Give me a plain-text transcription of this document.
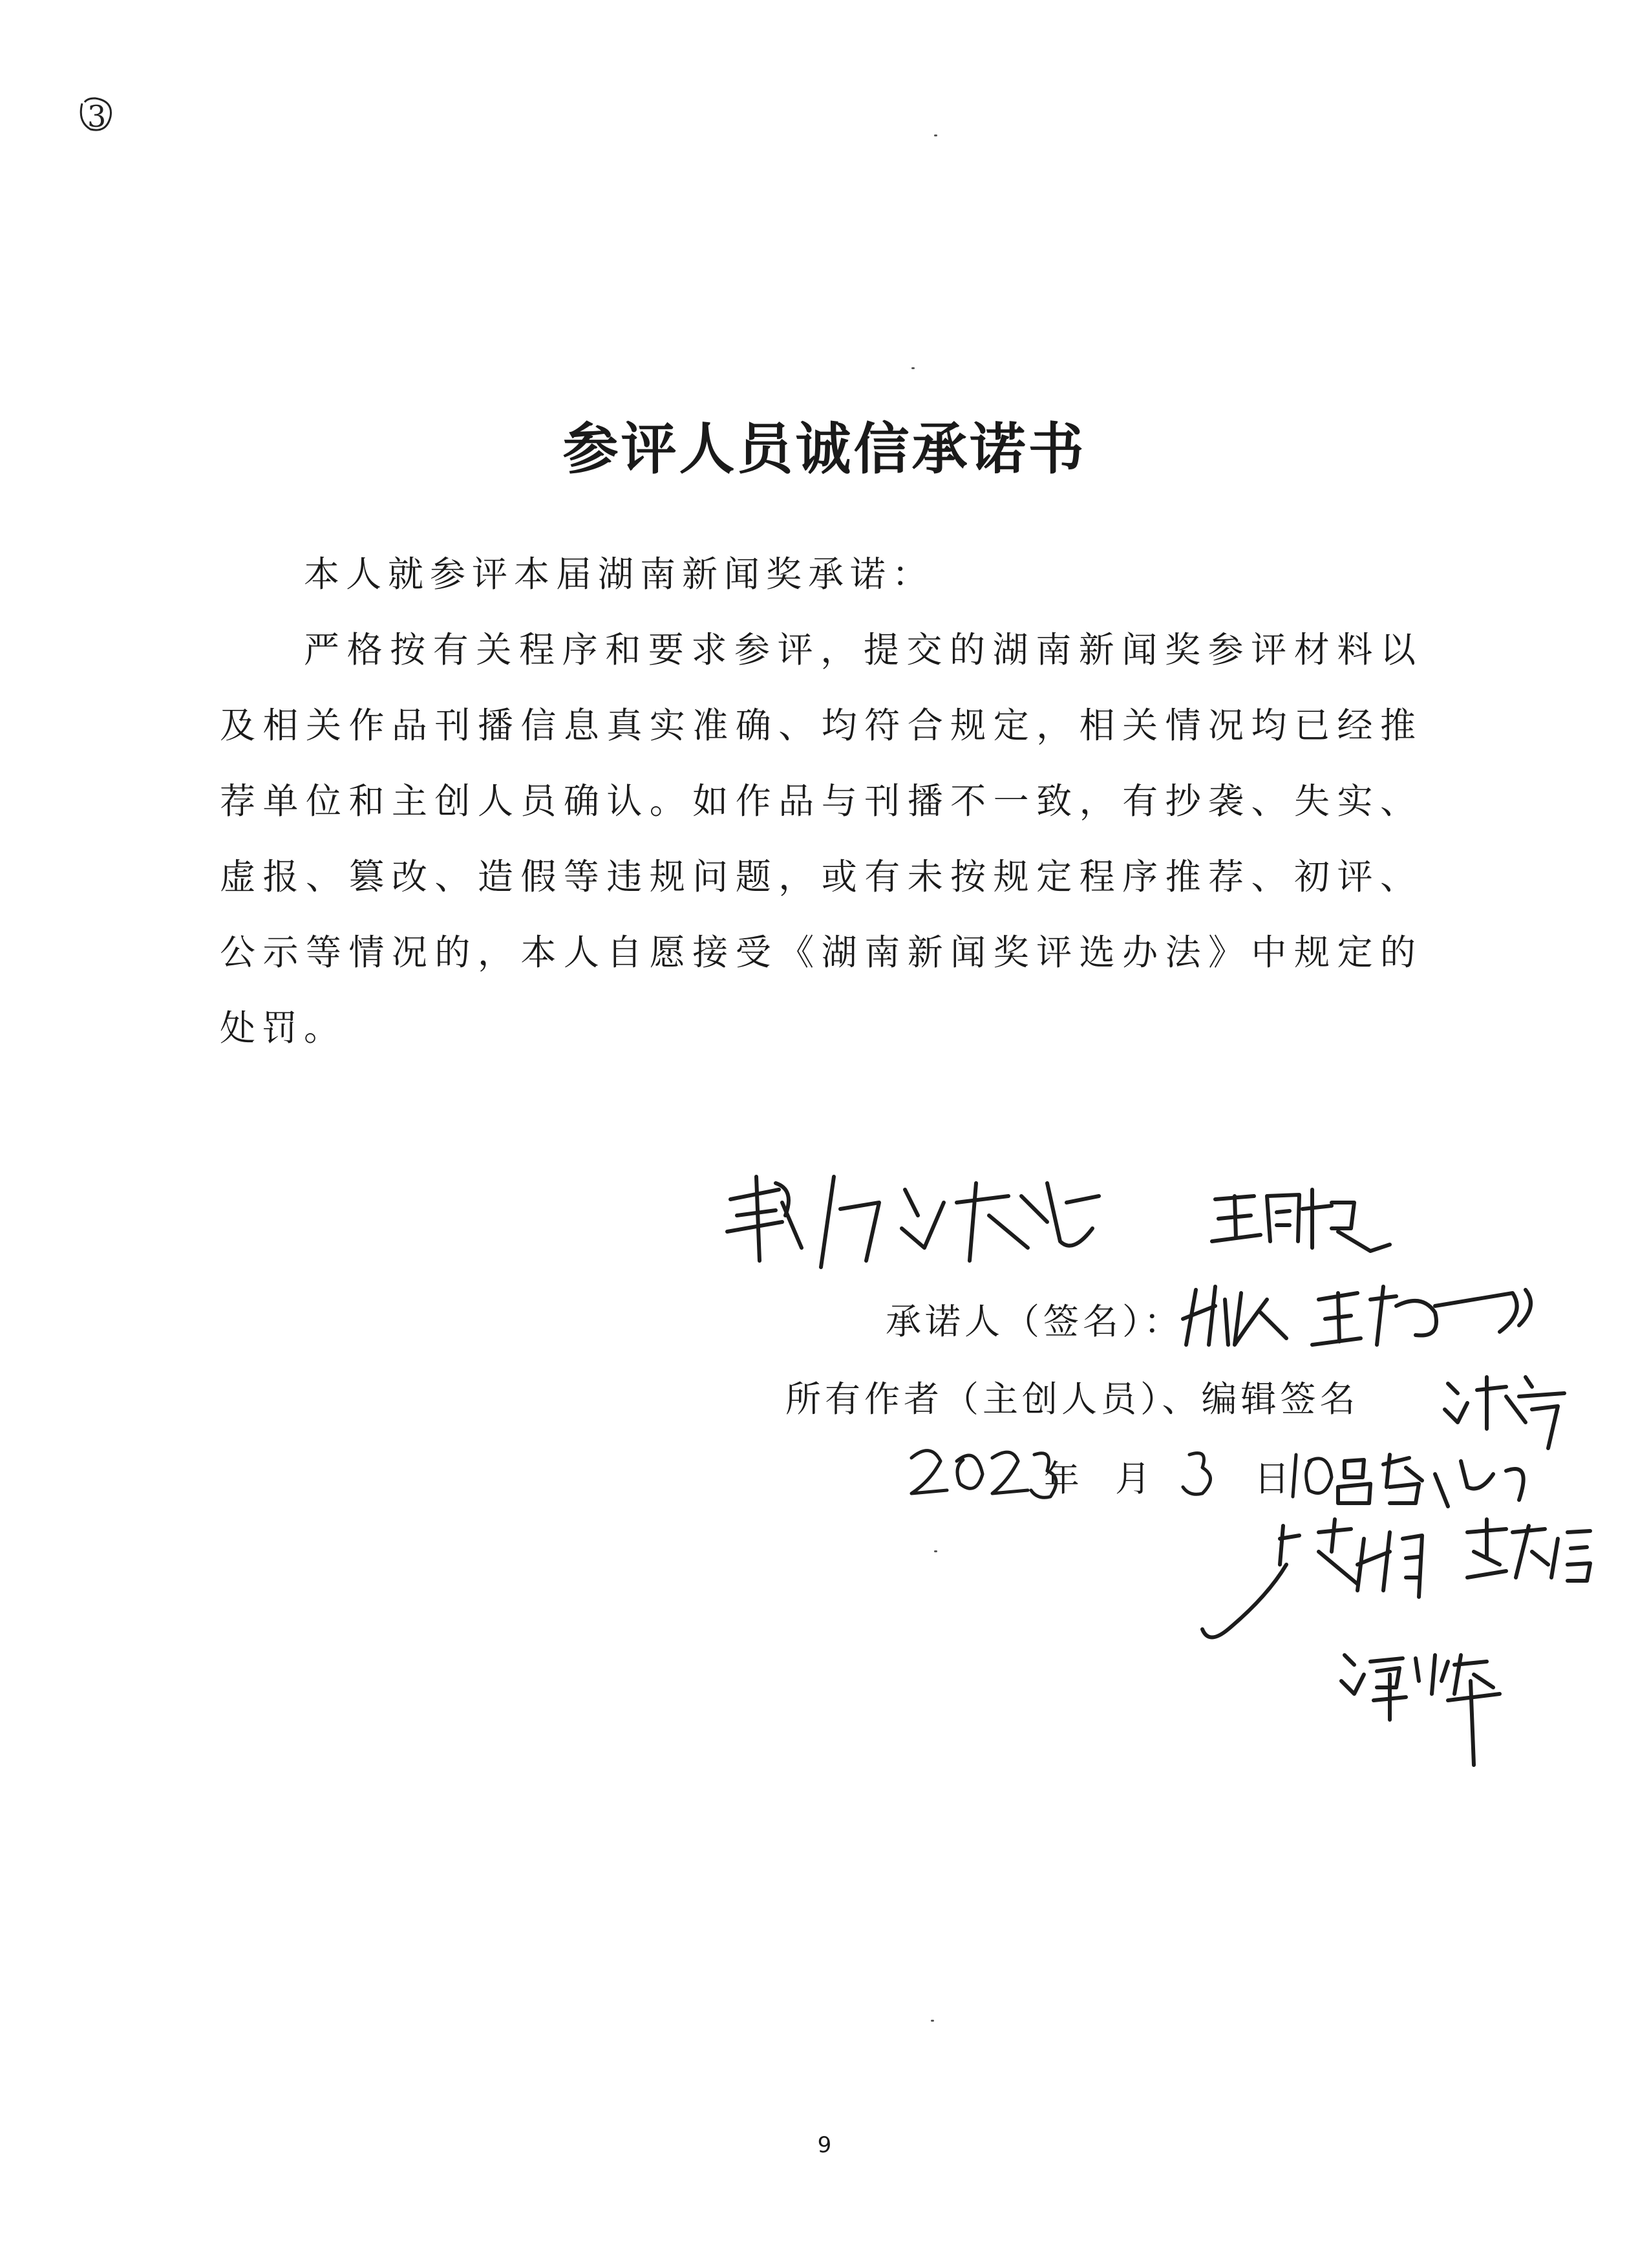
3
参评人员诚信承诺书

本人就参评本届湖南新闻奖承诺：

严格按有关程序和要求参评，提交的湖南新闻奖参评材料以及相关作品刊播信息真实准确、均符合规定，相关情况均已经推荐单位和主创人员确认。如作品与刊播不一致，有抄袭、失实、虚报、篡改、造假等违规问题，或有未按规定程序推荐、初评、公示等情况的，本人自愿接受《湖南新闻奖评选办法》中规定的处罚。

承诺人（签名）：
所有作者（主创人员）、编辑签名
年 月	日
9
